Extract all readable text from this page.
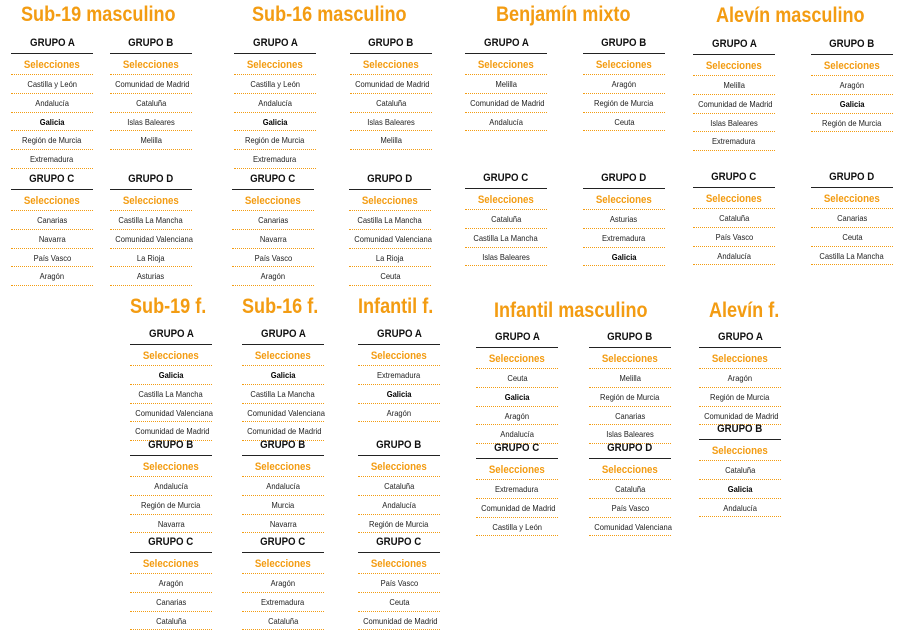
Sub-19 masculino
GRUPO A
Selecciones
Castilla y León
Andalucía
Galicia
Región de Murcia
Extremadura
GRUPO B
Selecciones
Comunidad de Madrid
Cataluña
Islas Baleares
Melilla
GRUPO C
Selecciones
Canarias
Navarra
País Vasco
Aragón
GRUPO D
Selecciones
Castilla La Mancha
Comunidad Valenciana
La Rioja
Asturias
Sub-16 masculino
GRUPO A
Selecciones
Castilla y León
Andalucía
Galicia
Región de Murcia
Extremadura
GRUPO B
Selecciones
Comunidad de Madrid
Cataluña
Islas Baleares
Melilla
GRUPO C
Selecciones
Canarias
Navarra
País Vasco
Aragón
GRUPO D
Selecciones
Castilla La Mancha
Comunidad Valenciana
La Rioja
Ceuta
Benjamín mixto
GRUPO A
Selecciones
Melilla
Comunidad de Madrid
Andalucía
GRUPO B
Selecciones
Aragón
Región de Murcia
Ceuta
GRUPO C
Selecciones
Cataluña
Castilla La Mancha
Islas Baleares
GRUPO D
Selecciones
Asturias
Extremadura
Galicia
Alevín masculino
GRUPO A
Selecciones
Melilla
Comunidad de Madrid
Islas Baleares
Extremadura
GRUPO B
Selecciones
Aragón
Galicia
Región de Murcia
GRUPO C
Selecciones
Cataluña
País Vasco
Andalucía
GRUPO D
Selecciones
Canarias
Ceuta
Castilla La Mancha
Sub-19 f.
GRUPO A
Selecciones
Galicia
Castilla La Mancha
Comunidad Valenciana
Comunidad de Madrid
GRUPO B
Selecciones
Andalucía
Región de Murcia
Navarra
GRUPO C
Selecciones
Aragón
Canarias
Cataluña
Sub-16 f.
GRUPO A
Selecciones
Galicia
Castilla La Mancha
Comunidad Valenciana
Comunidad de Madrid
GRUPO B
Selecciones
Andalucía
Murcia
Navarra
GRUPO C
Selecciones
Aragón
Extremadura
Cataluña
Infantil f.
GRUPO A
Selecciones
Extremadura
Galicia
Aragón
GRUPO B
Selecciones
Cataluña
Andalucía
Región de Murcia
GRUPO C
Selecciones
País Vasco
Ceuta
Comunidad de Madrid
Infantil masculino
GRUPO A
Selecciones
Ceuta
Galicia
Aragón
Andalucía
GRUPO B
Selecciones
Melilla
Región de Murcia
Canarias
Islas Baleares
GRUPO C
Selecciones
Extremadura
Comunidad de Madrid
Castilla y León
GRUPO D
Selecciones
Cataluña
País Vasco
Comunidad Valenciana
Alevín f.
GRUPO A
Selecciones
Aragón
Región de Murcia
Comunidad de Madrid
GRUPO B
Selecciones
Cataluña
Galicia
Andalucía
